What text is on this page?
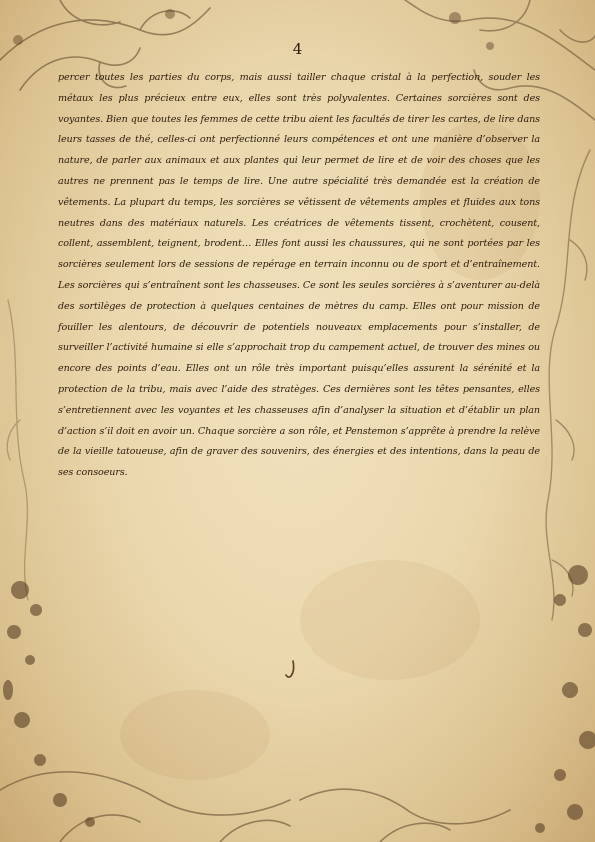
4

percer toutes les parties du corps, mais aussi tailler chaque cristal à la perfection, souder les métaux les plus précieux entre eux, elles sont très polyvalentes. Certaines sorcières sont des voyantes. Bien que toutes les femmes de cette tribu aient les facultés de tirer les cartes, de lire dans leurs tasses de thé, celles-ci ont perfectionné leurs compétences et ont une manière d’observer la nature, de parler aux animaux et aux plantes qui leur permet de lire et de voir des choses que les autres ne prennent pas le temps de lire. Une autre spécialité très demandée est la création de vêtements. La plupart du temps, les sorcières se vêtissent de vêtements amples et fluides aux tons neutres dans des matériaux naturels. Les créatrices de vêtements tissent, crochètent, cousent, collent, assemblent, teignent, brodent… Elles font aussi les chaussures, qui ne sont portées par les sorcières seulement lors de sessions de repérage en terrain inconnu ou de sport et d’entraînement. Les sorcières qui s’entraînent sont les chasseuses. Ce sont les seules sorcières à s’aventurer au-delà des sortilèges de protection à quelques centaines de mètres du camp. Elles ont pour mission de fouiller les alentours, de découvrir de potentiels nouveaux emplacements pour s’installer, de surveiller l’activité humaine si elle s’approchait trop du campement actuel, de trouver des mines ou encore des points d’eau. Elles ont un rôle très important puisqu’elles assurent la sérénité et la protection de la tribu, mais avec l’aide des stratèges. Ces dernières sont les têtes pensantes, elles s’entretiennent avec les voyantes et les chasseuses afin d’analyser la situation et d’établir un plan d’action s’il doit en avoir un. Chaque sorcière a son rôle, et Penstemon s’apprête à prendre la relève de la vieille tatoueuse, afin de graver des souvenirs, des énergies et des intentions, dans la peau de ses consoeurs.
